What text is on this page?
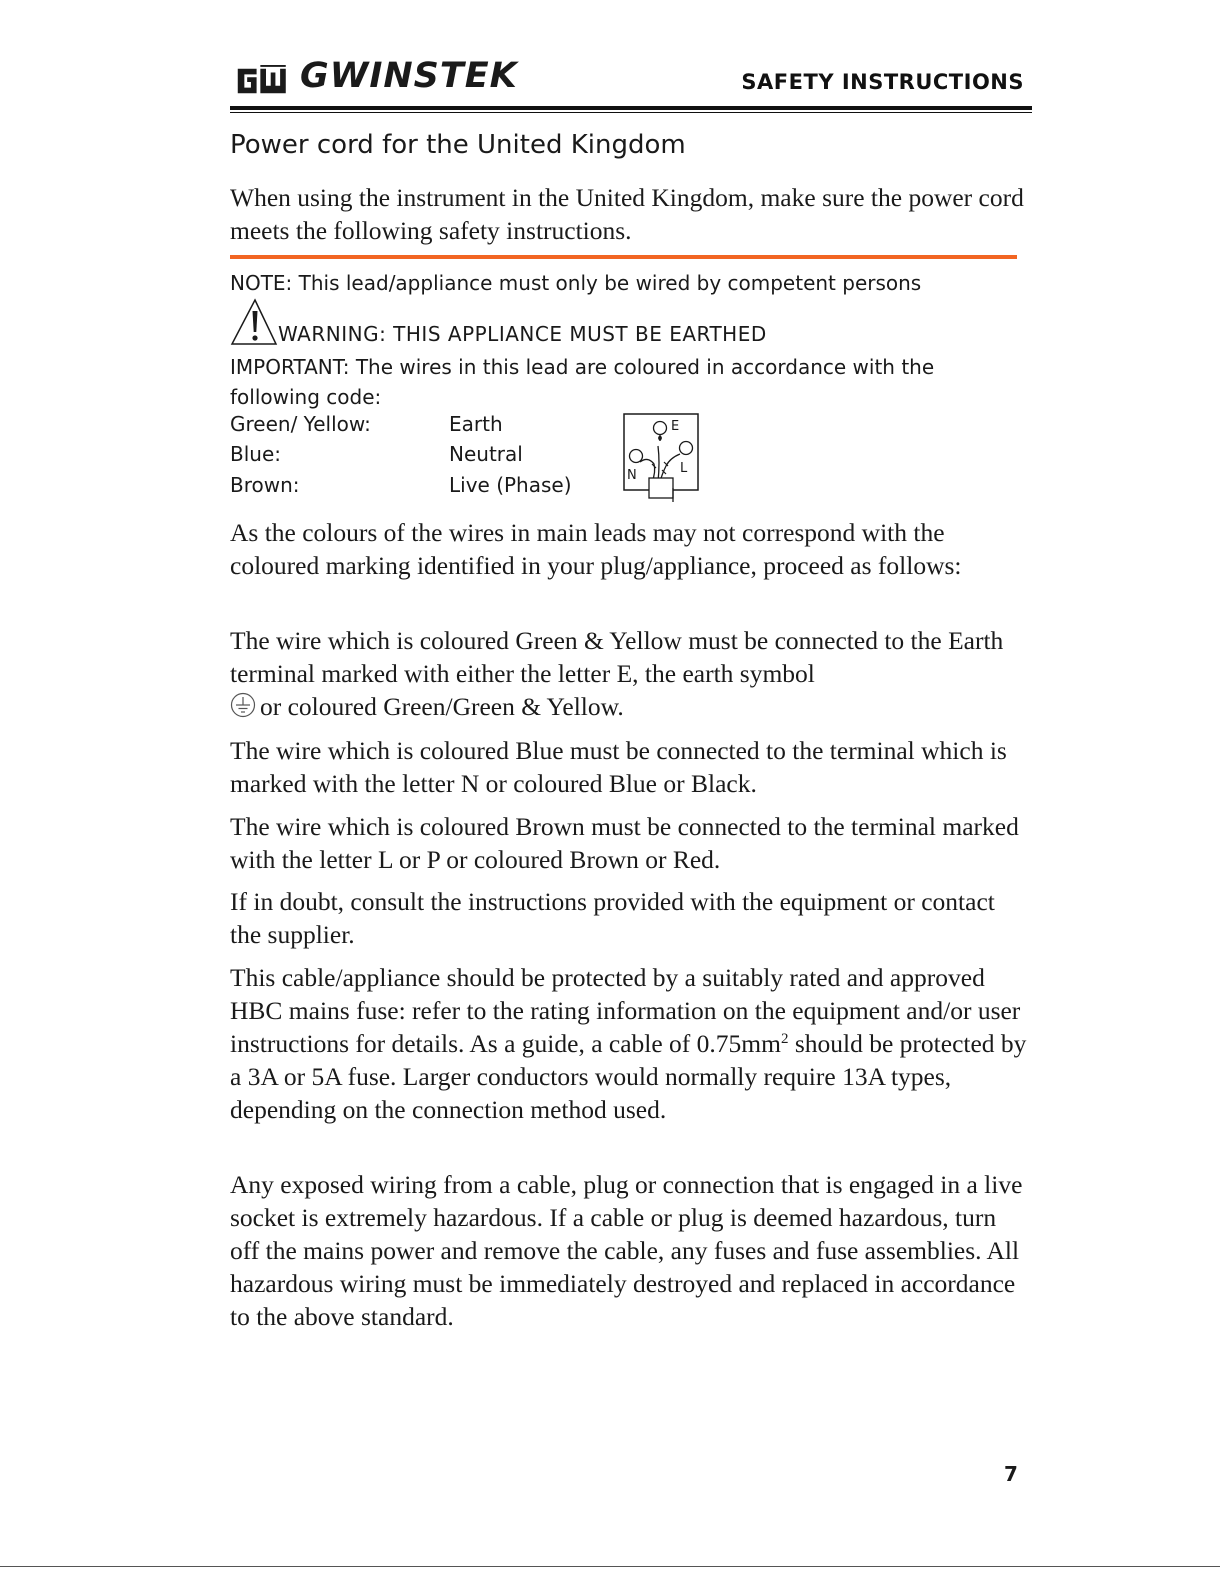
GWINSTEK	SAFETY INSTRUCTIONS
Power cord for the United Kingdom
When using the instrument in the United Kingdom, make sure the power cord meets the following safety instructions.
NOTE: This lead/appliance must only be wired by competent persons
WARNING: THIS APPLIANCE MUST BE EARTHED
IMPORTANT: The wires in this lead are coloured in accordance with the
following code:
Green/ Yellow:	Earth
Blue:	Neutral
Brown:	Live (Phase)
E
N	L
As the colours of the wires in main leads may not correspond with the coloured marking identified in your plug/appliance, proceed as follows:
The wire which is coloured Green & Yellow must be connected to the Earth terminal marked with either the letter E, the earth symbol
or coloured Green/Green & Yellow.
The wire which is coloured Blue must be connected to the terminal which is marked with the letter N or coloured Blue or Black.
The wire which is coloured Brown must be connected to the terminal marked with the letter L or P or coloured Brown or Red.
If in doubt, consult the instructions provided with the equipment or contact the supplier.
This cable/appliance should be protected by a suitably rated and approved HBC mains fuse: refer to the rating information on the equipment and/or user instructions for details. As a guide, a cable of $0.75mm^2$ should be protected by a 3A or 5A fuse. Larger conductors would normally require 13A types, depending on the connection method used.
Any exposed wiring from a cable, plug or connection that is engaged in a live socket is extremely hazardous. If a cable or plug is deemed hazardous, turn off the mains power and remove the cable, any fuses and fuse assemblies. All hazardous wiring must be immediately destroyed and replaced in accordance to the above standard.
7
